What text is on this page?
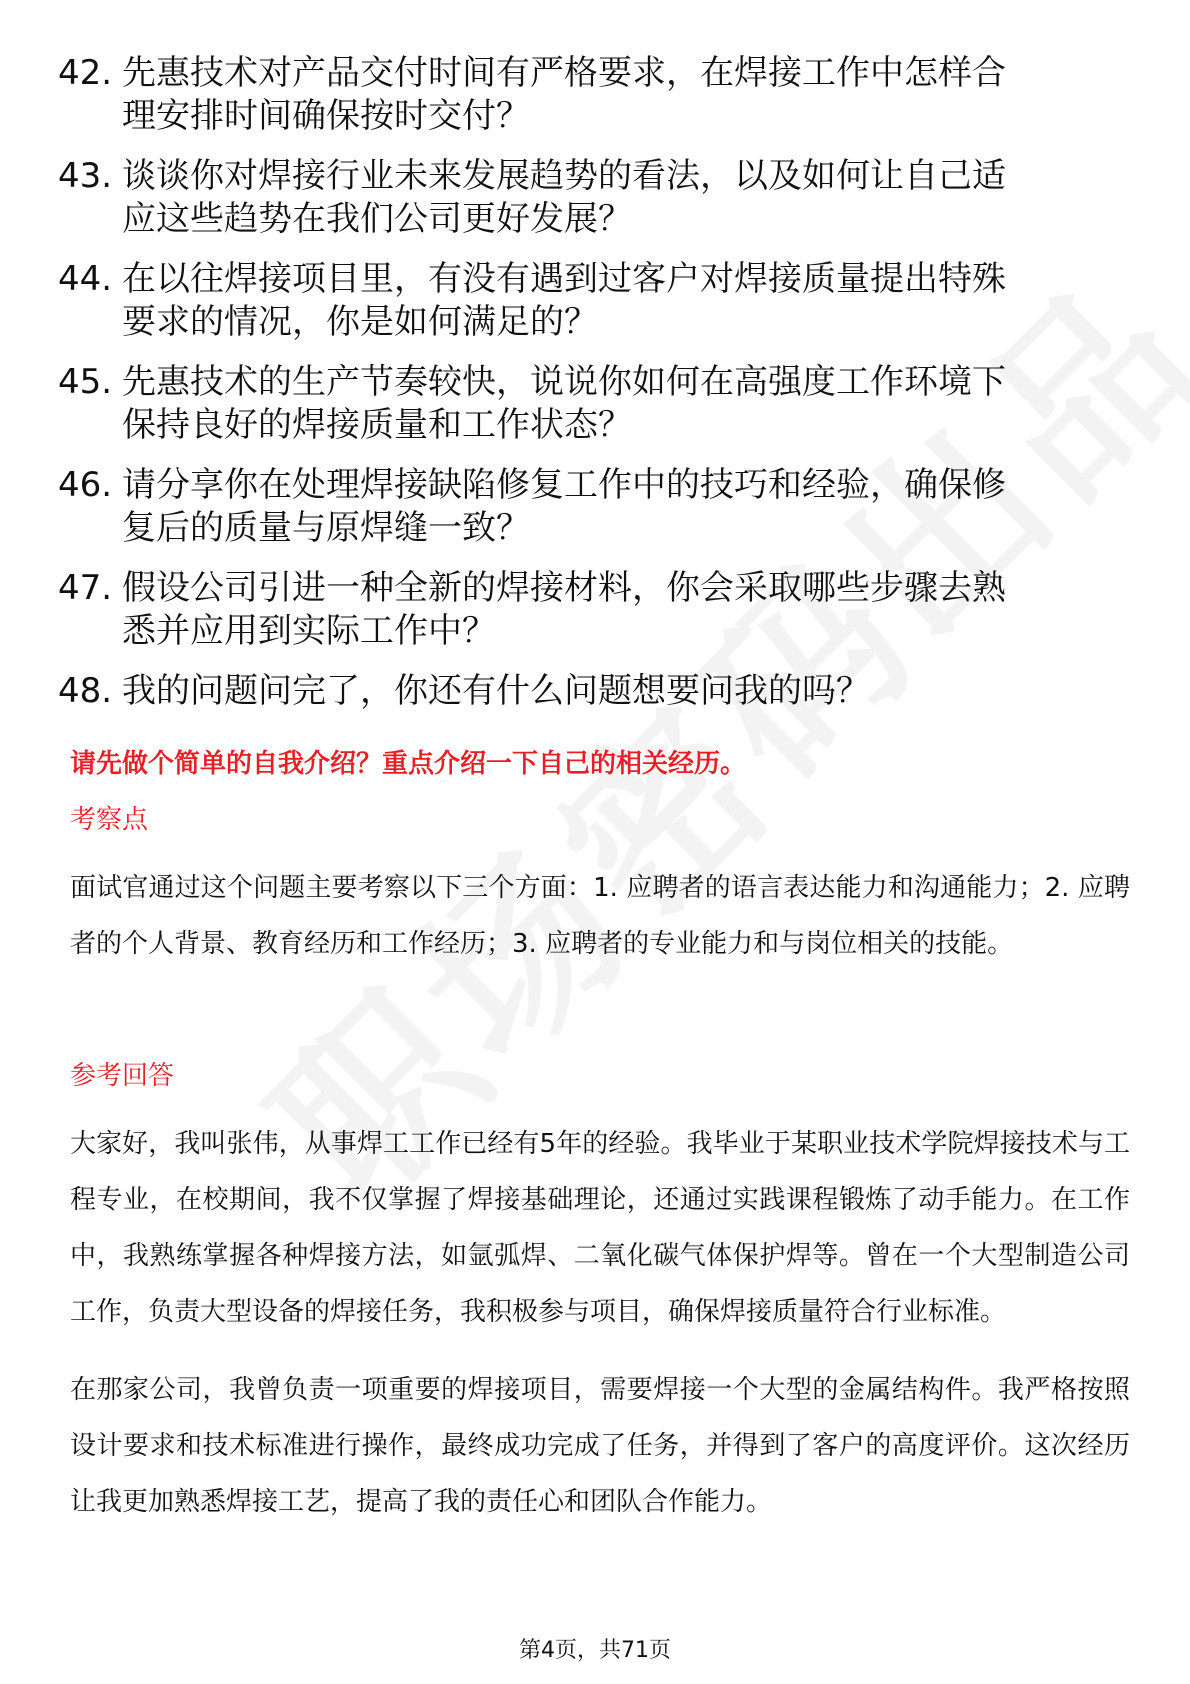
42. 先惠技术对产品交付时间有严格要求，在焊接工作中怎样合理安排时间确保按时交付？
43. 谈谈你对焊接行业未来发展趋势的看法，以及如何让自己适应这些趋势在我们公司更好发展？
44. 在以往焊接项目里，有没有遇到过客户对焊接质量提出特殊要求的情况，你是如何满足的？
45. 先惠技术的生产节奏较快，说说你如何在高强度工作环境下保持良好的焊接质量和工作状态？
46. 请分享你在处理焊接缺陷修复工作中的技巧和经验，确保修复后的质量与原焊缝一致？
47. 假设公司引进一种全新的焊接材料，你会采取哪些步骤去熟悉并应用到实际工作中？
48. 我的问题问完了，你还有什么问题想要问我的吗？
请先做个简单的自我介绍？重点介绍一下自己的相关经历。
考察点
面试官通过这个问题主要考察以下三个方面：1. 应聘者的语言表达能力和沟通能力；2. 应聘者的个人背景、教育经历和工作经历；3. 应聘者的专业能力和与岗位相关的技能。
参考回答
大家好，我叫张伟，从事焊工工作已经有5年的经验。我毕业于某职业技术学院焊接技术与工程专业，在校期间，我不仅掌握了焊接基础理论，还通过实践课程锻炼了动手能力。在工作中，我熟练掌握各种焊接方法，如氩弧焊、二氧化碳气体保护焊等。曾在一个大型制造公司工作，负责大型设备的焊接任务，我积极参与项目，确保焊接质量符合行业标准。
在那家公司，我曾负责一项重要的焊接项目，需要焊接一个大型的金属结构件。我严格按照设计要求和技术标准进行操作，最终成功完成了任务，并得到了客户的高度评价。这次经历让我更加熟悉焊接工艺，提高了我的责任心和团队合作能力。
第4页，共71页
